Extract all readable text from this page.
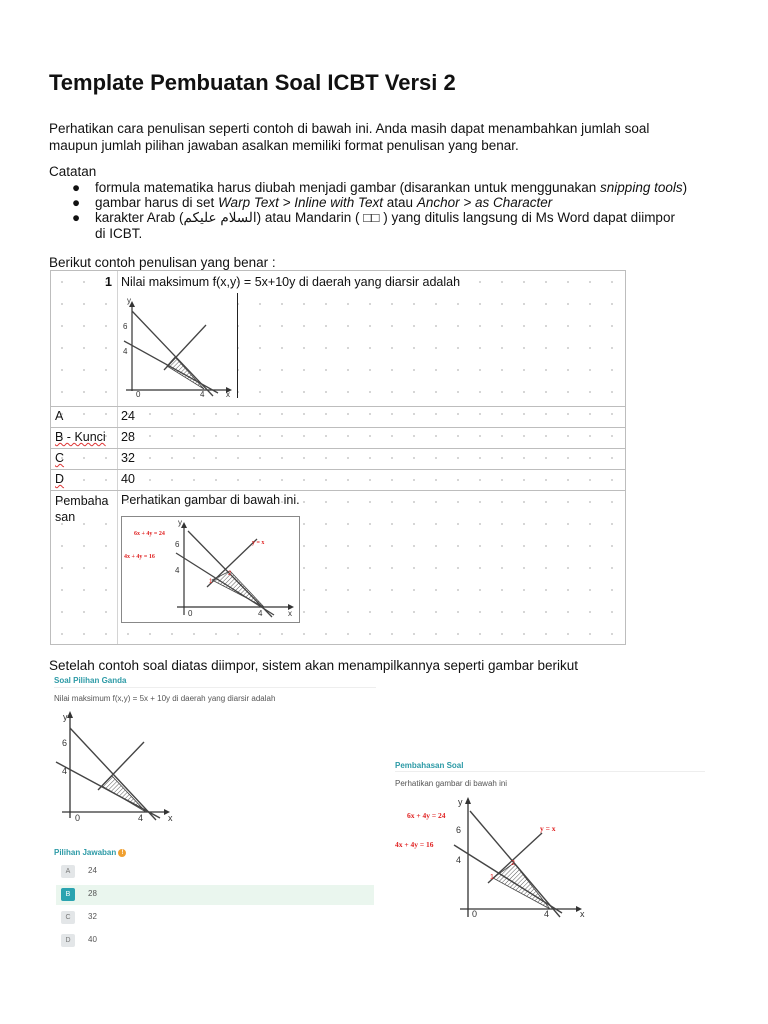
Template Pembuatan Soal ICBT Versi 2
Perhatikan cara penulisan seperti contoh di bawah ini. Anda masih dapat menambahkan jumlah soal
maupun jumlah pilihan jawaban asalkan memiliki format penulisan yang benar.
Catatan
● formula matematika harus diubah menjadi gambar (disarankan untuk menggunakan snipping tools)
● gambar harus di set Warp Text > Inline with Text atau Anchor > as Character
● karakter Arab (السلام عليكم) atau Mandarin ( □□ ) yang ditulis langsung di Ms Word dapat diimpor
di ICBT.
Berikut contoh penulisan yang benar :
1 Nilai maksimum f(x,y) = 5x+10y di daerah yang diarsir adalah
y
6
4
0	4	x
A	24
B - Kunci 28
C	32
D	40
Pembaha
san
Perhatikan gambar di bawah ini.
y
6
4
0	4	x
6x + 4y = 24
4x + 4y = 16
y = x
1
2
Setelah contoh soal diatas diimpor, sistem akan menampilkannya seperti gambar berikut
Soal Pilihan Ganda
Nilai maksimum f(x,y) = 5x + 10y di daerah yang diarsir adalah
y
6
4
0	4	x
Pilihan Jawaban !
A	24
B	28
C	32
D	40
Pembahasan Soal
Perhatikan gambar di bawah ini
y
6
4
0	4	x
6x + 4y = 24
4x + 4y = 16
y = x
1
2
